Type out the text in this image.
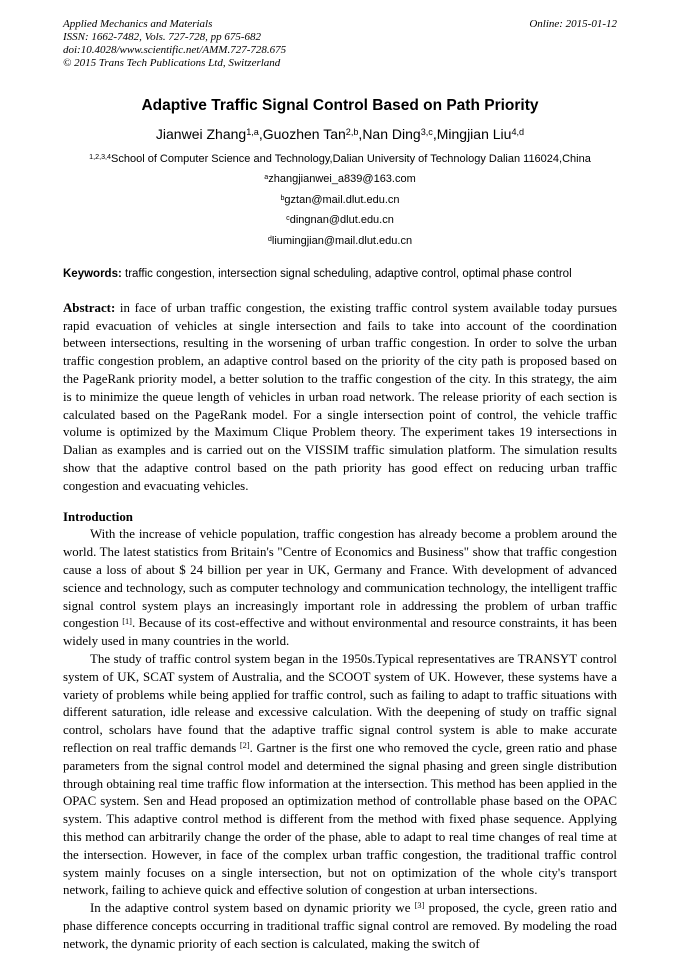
Applied Mechanics and Materials
ISSN: 1662-7482, Vols. 727-728, pp 675-682
doi:10.4028/www.scientific.net/AMM.727-728.675
© 2015 Trans Tech Publications Ltd, Switzerland
Online: 2015-01-12
Adaptive Traffic Signal Control Based on Path Priority
Jianwei Zhang$^{1,a}$,Guozhen Tan$^{2,b}$,Nan Ding$^{3,c}$,Mingjian Liu$^{4,d}$
$^{1,2,3,4}$School of Computer Science and Technology,Dalian University of Technology Dalian 116024,China
$^a$zhangjianwei_a839@163.com
$^b$gztan@mail.dlut.edu.cn
$^c$dingnan@dlut.edu.cn
$^d$liumingjian@mail.dlut.edu.cn

Keywords: traffic congestion, intersection signal scheduling, adaptive control, optimal phase control

Abstract: in face of urban traffic congestion, the existing traffic control system available today pursues rapid evacuation of vehicles at single intersection and fails to take into account of the coordination between intersections, resulting in the worsening of urban traffic congestion. In order to solve the urban traffic congestion problem, an adaptive control based on the priority of the city path is proposed based on the PageRank priority model, a better solution to the traffic congestion of the city. In this strategy, the aim is to minimize the queue length of vehicles in urban road network. The release priority of each section is calculated based on the PageRank model. For a single intersection point of control, the vehicle traffic volume is optimized by the Maximum Clique Problem theory. The experiment takes 19 intersections in Dalian as examples and is carried out on the VISSIM traffic simulation platform. The simulation results show that the adaptive control based on the path priority has good effect on reducing urban traffic congestion and evacuating vehicles.

Introduction

With the increase of vehicle population, traffic congestion has already become a problem around the world. The latest statistics from Britain's "Centre of Economics and Business" show that traffic congestion cause a loss of about $ 24 billion per year in UK, Germany and France. With development of advanced science and technology, such as computer technology and communication technology, the intelligent traffic signal control system plays an increasingly important role in addressing the problem of urban traffic congestion [1]. Because of its cost-effective and without environmental and resource constraints, it has been widely used in many countries in the world.

The study of traffic control system began in the 1950s.Typical representatives are TRANSYT control system of UK, SCAT system of Australia, and the SCOOT system of UK. However, these systems have a variety of problems while being applied for traffic control, such as failing to adapt to traffic situations with different saturation, idle release and excessive calculation. With the deepening of study on traffic signal control, scholars have found that the adaptive traffic signal control system is able to make accurate reflection on real traffic demands [2]. Gartner is the first one who removed the cycle, green ratio and phase parameters from the signal control model and determined the signal phasing and green single distribution through obtaining real time traffic flow information at the intersection. This method has been applied in the OPAC system. Sen and Head proposed an optimization method of controllable phase based on the OPAC system. This adaptive control method is different from the method with fixed phase sequence. Applying this method can arbitrarily change the order of the phase, able to adapt to real time changes of real time at the intersection. However, in face of the complex urban traffic congestion, the traditional traffic control system mainly focuses on a single intersection, but not on optimization of the whole city's transport network, failing to achieve quick and effective solution of congestion at urban intersections.

In the adaptive control system based on dynamic priority we [3] proposed, the cycle, green ratio and phase difference concepts occurring in traditional traffic signal control are removed. By modeling the road network, the dynamic priority of each section is calculated, making the switch of
